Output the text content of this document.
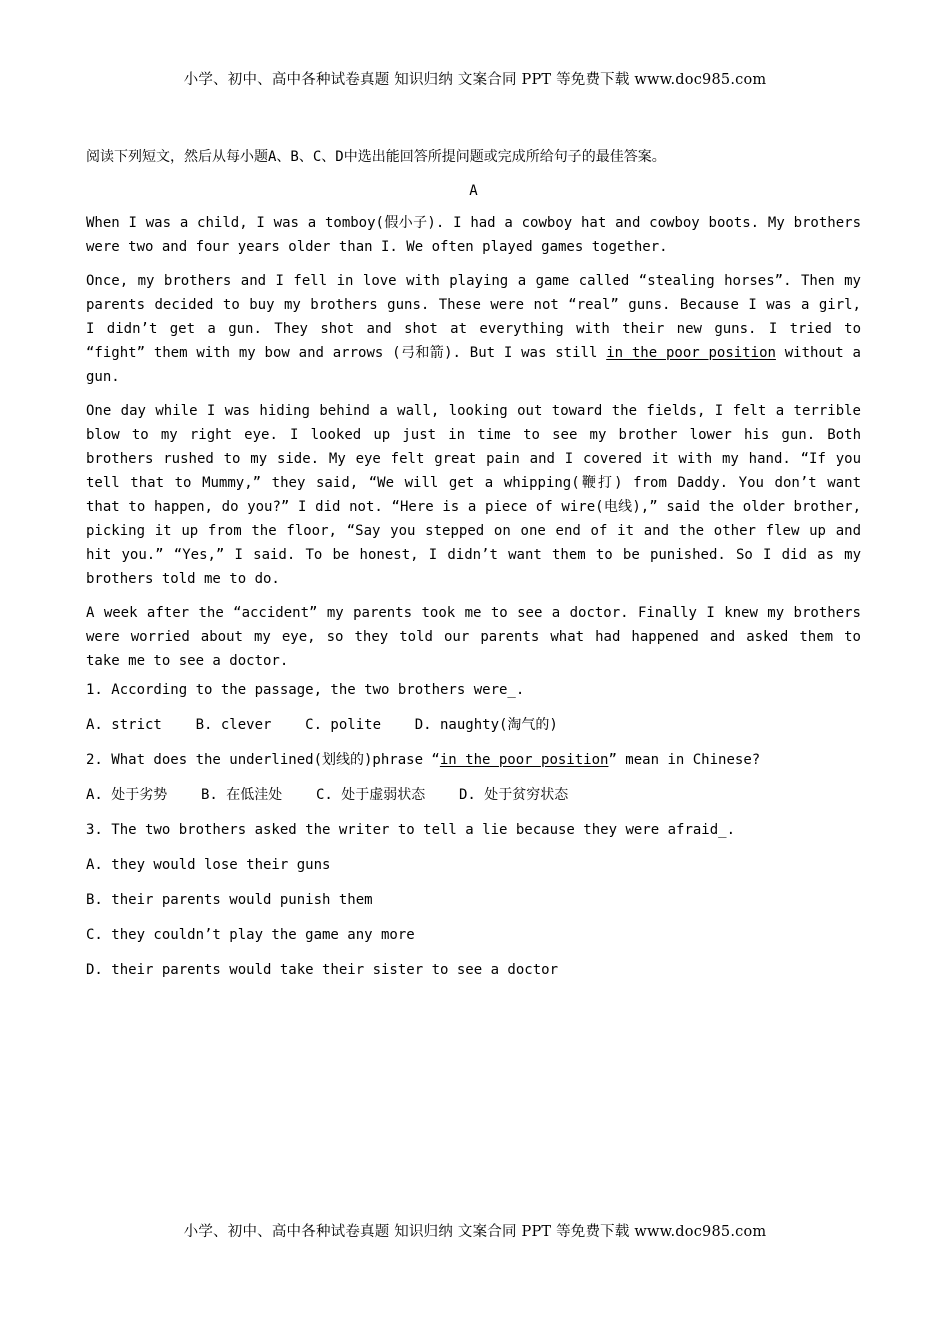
小学、初中、高中各种试卷真题 知识归纳 文案合同 PPT 等免费下载 www.doc985.com

阅读下列短文，然后从每小题A、B、C、D中选出能回答所提问题或完成所给句子的最佳答案。

A

When I was a child, I was a tomboy(假小子). I had a cowboy hat and cowboy boots. My brothers were two and four years older than I. We often played games together.

Once, my brothers and I fell in love with playing a game called “stealing horses”. Then my parents decided to buy my brothers guns. These were not “real” guns. Because I was a girl, I didn’t get a gun. They shot and shot at everything with their new guns. I tried to “fight” them with my bow and arrows (弓和箭). But I was still in the poor position without a gun.

One day while I was hiding behind a wall, looking out toward the fields, I felt a terrible blow to my right eye. I looked up just in time to see my brother lower his gun. Both brothers rushed to my side. My eye felt great pain and I covered it with my hand. “If you tell that to Mummy,” they said, “We will get a whipping(鞭打) from Daddy. You don’t want that to happen, do you?” I did not. “Here is a piece of wire(电线),” said the older brother, picking it up from the floor, “Say you stepped on one end of it and the other flew up and hit you.” “Yes,” I said. To be honest, I didn’t want them to be punished. So I did as my brothers told me to do.

A week after the “accident” my parents took me to see a doctor. Finally I knew my brothers were worried about my eye, so they told our parents what had happened and asked them to take me to see a doctor.

1. According to the passage, the two brothers were_.

A. strict    B. clever    C. polite    D. naughty(淘气的)

2. What does the underlined(划线的)phrase “in the poor position” mean in Chinese?

A. 处于劣势    B. 在低洼处    C. 处于虚弱状态    D. 处于贫穷状态

3. The two brothers asked the writer to tell a lie because they were afraid_.

A. they would lose their guns

B. their parents would punish them

C. they couldn’t play the game any more

D. their parents would take their sister to see a doctor

小学、初中、高中各种试卷真题 知识归纳 文案合同 PPT 等免费下载 www.doc985.com
